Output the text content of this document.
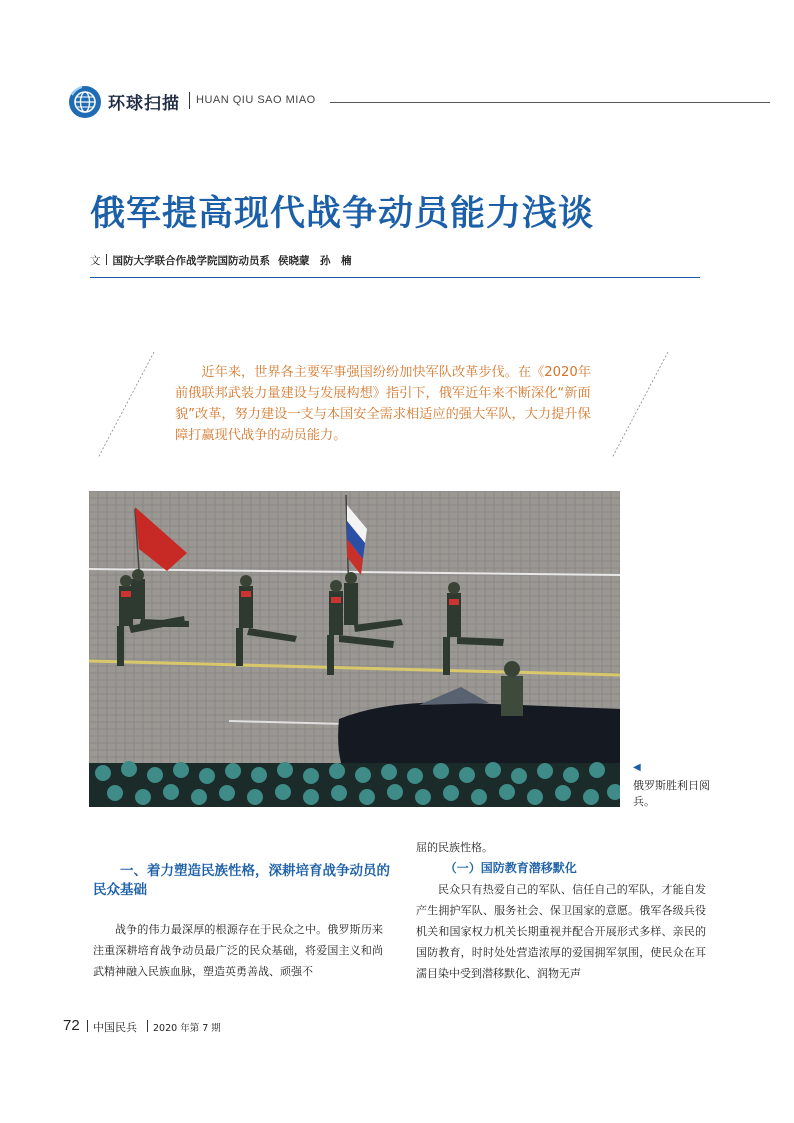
环球扫描 HUAN QIU SAO MIAO
俄军提高现代战争动员能力浅谈
文 国防大学联合作战学院国防动员系 侯晓蒙　孙　楠

近年来，世界各主要军事强国纷纷加快军队改革步伐。在《2020年前俄联邦武装力量建设与发展构想》指引下，俄军近年来不断深化“新面貌”改革，努力建设一支与本国安全需求相适应的强大军队，大力提升保障打赢现代战争的动员能力。

◀
俄罗斯胜利日阅兵。
一、着力塑造民族性格，深耕培育战争动员的民众基础

战争的伟力最深厚的根源存在于民众之中。俄罗斯历来注重深耕培育战争动员最广泛的民众基础，将爱国主义和尚武精神融入民族血脉，塑造英勇善战、顽强不

屈的民族性格。
（一）国防教育潜移默化

民众只有热爱自己的军队、信任自己的军队，才能自发产生拥护军队、服务社会、保卫国家的意愿。俄军各级兵役机关和国家权力机关长期重视并配合开展形式多样、亲民的国防教育，时时处处营造浓厚的爱国拥军氛围，使民众在耳濡目染中受到潜移默化、润物无声

72 中国民兵 2020 年第 7 期
